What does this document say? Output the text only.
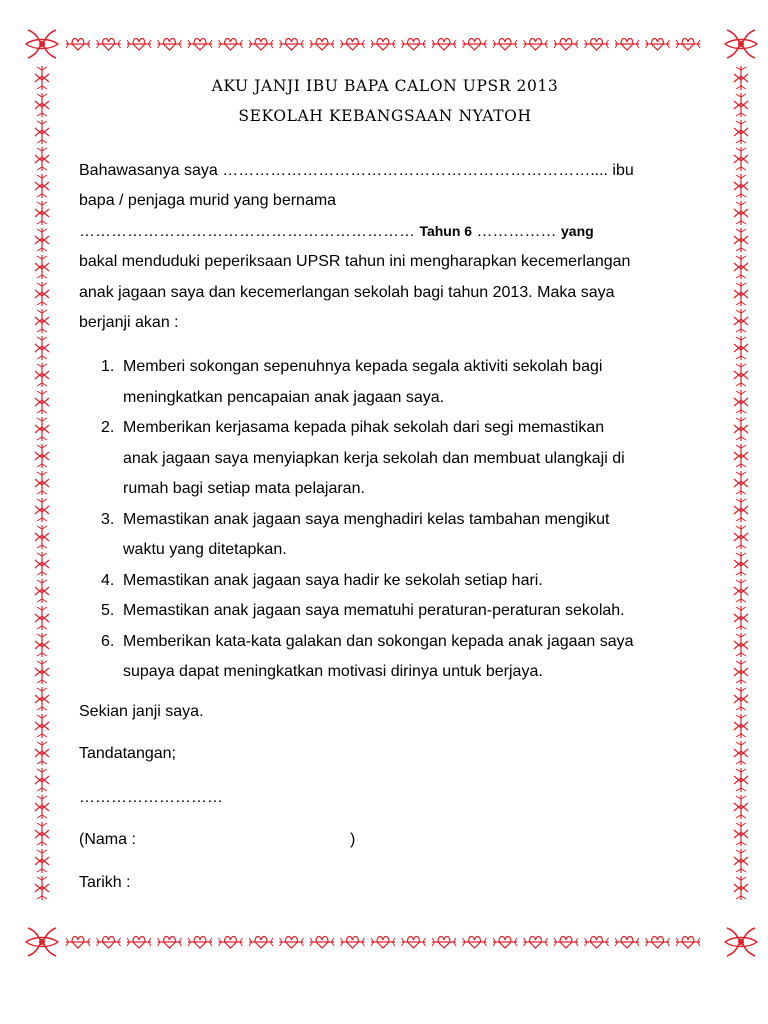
AKU JANJI IBU BAPA CALON UPSR 2013
SEKOLAH KEBANGSAAN NYATOH
Bahawasanya saya …………………………………………………………….... ibu
bapa / penjaga murid yang bernama
……………………………………………………… Tahun 6 …………… yang
bakal menduduki peperiksaan UPSR tahun ini mengharapkan kecemerlangan
anak jagaan saya dan kecemerlangan sekolah bagi tahun 2013. Maka saya
berjanji akan :
1. Memberi sokongan sepenuhnya kepada segala aktiviti sekolah bagi

meningkatkan pencapaian anak jagaan saya.

2. Memberikan kerjasama kepada pihak sekolah dari segi memastikan

anak jagaan saya menyiapkan kerja sekolah dan membuat ulangkaji di

rumah bagi setiap mata pelajaran.

3. Memastikan anak jagaan saya menghadiri kelas tambahan mengikut

waktu yang ditetapkan.

4. Memastikan anak jagaan saya hadir ke sekolah setiap hari.

5. Memastikan anak jagaan saya mematuhi peraturan-peraturan sekolah.

6. Memberikan kata-kata galakan dan sokongan kepada anak jagaan saya

supaya dapat meningkatkan motivasi dirinya untuk berjaya.

Sekian janji saya.
Tandatangan;
………………………
(Nama :	)
Tarikh :
